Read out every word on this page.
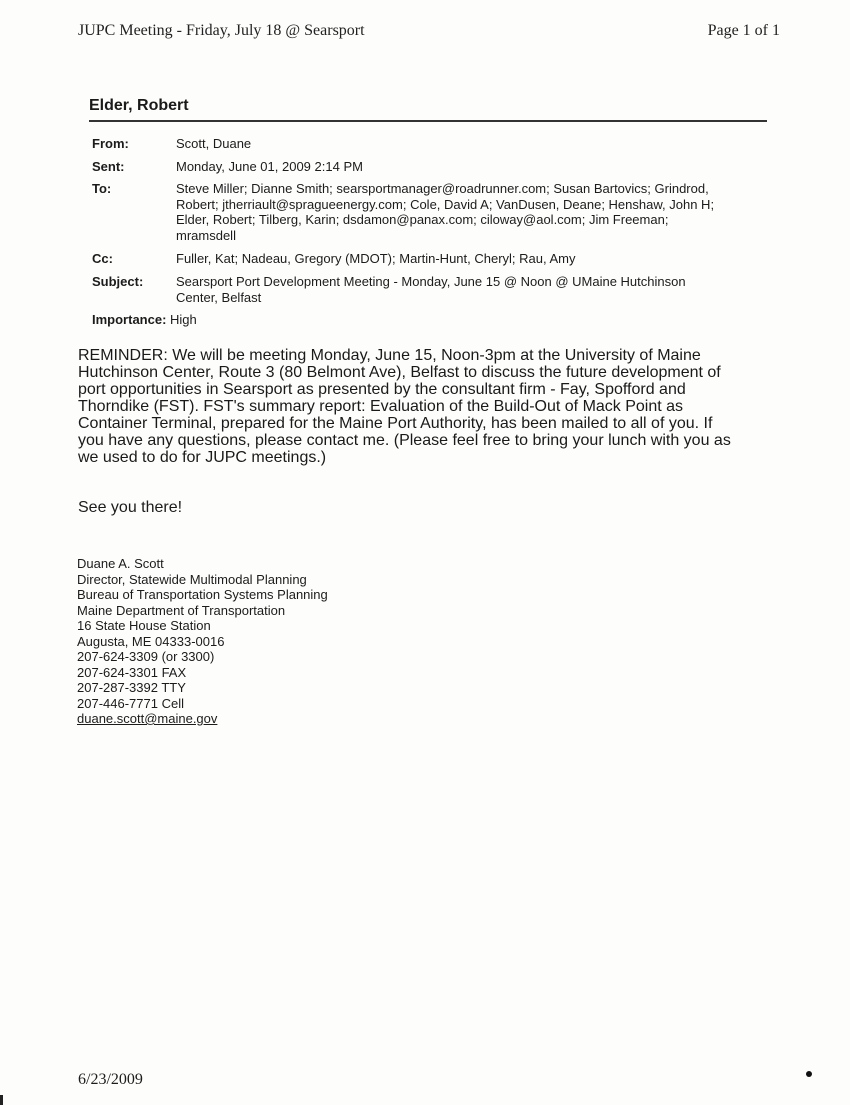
JUPC Meeting - Friday, July 18 @ Searsport	Page 1 of 1
Elder, Robert
From:	Scott, Duane
Sent:	Monday, June 01, 2009 2:14 PM
To:	Steve Miller; Dianne Smith; searsportmanager@roadrunner.com; Susan Bartovics; Grindrod,
Robert; jtherriault@spragueenergy.com; Cole, David A; VanDusen, Deane; Henshaw, John H;
Elder, Robert; Tilberg, Karin; dsdamon@panax.com; ciloway@aol.com; Jim Freeman;
mramsdell
Cc:	Fuller, Kat; Nadeau, Gregory (MDOT); Martin-Hunt, Cheryl; Rau, Amy
Subject:	Searsport Port Development Meeting - Monday, June 15 @ Noon @ UMaine Hutchinson
Center, Belfast
Importance: High
REMINDER: We will be meeting Monday, June 15, Noon-3pm at the University of Maine
Hutchinson Center, Route 3 (80 Belmont Ave), Belfast to discuss the future development of
port opportunities in Searsport as presented by the consultant firm - Fay, Spofford and
Thorndike (FST). FST's summary report: Evaluation of the Build-Out of Mack Point as
Container Terminal, prepared for the Maine Port Authority, has been mailed to all of you. If
you have any questions, please contact me. (Please feel free to bring your lunch with you as
we used to do for JUPC meetings.)
See you there!
Duane A. Scott
Director, Statewide Multimodal Planning
Bureau of Transportation Systems Planning
Maine Department of Transportation
16 State House Station
Augusta, ME 04333-0016
207-624-3309 (or 3300)
207-624-3301 FAX
207-287-3392 TTY
207-446-7771 Cell
duane.scott@maine.gov
6/23/2009
